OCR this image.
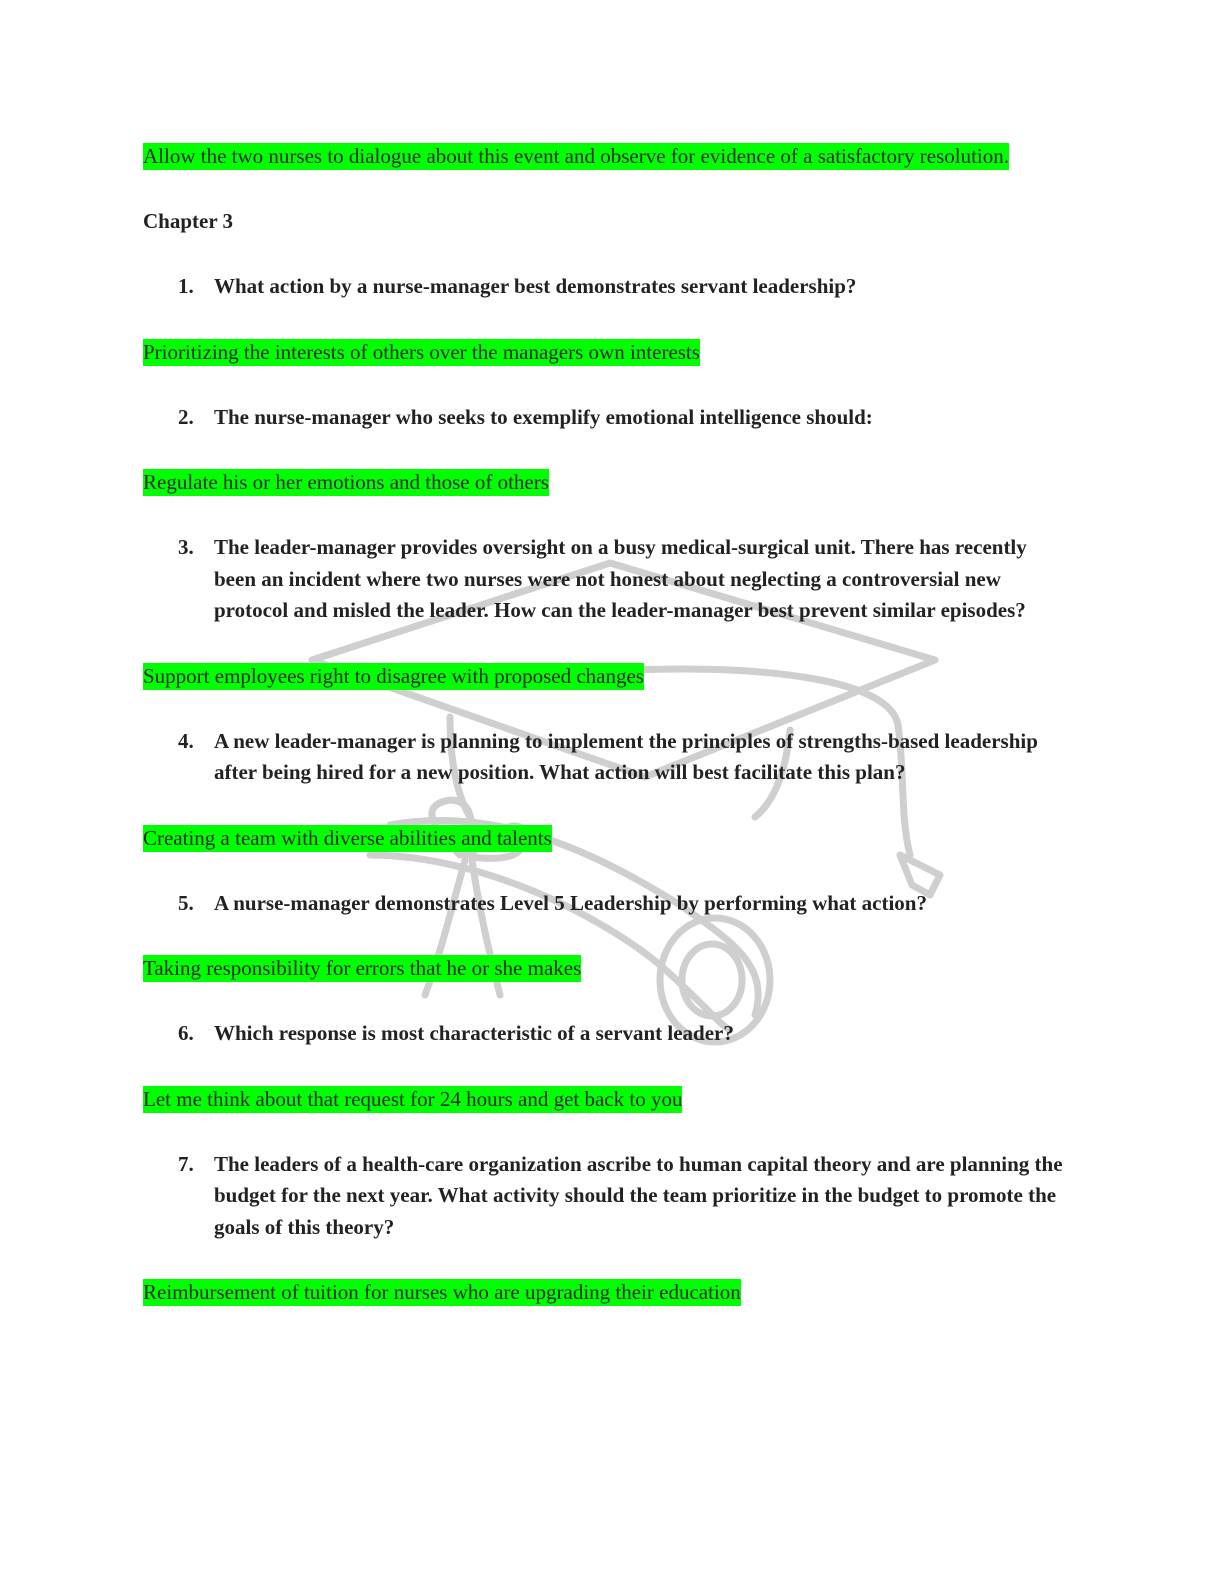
Allow the two nurses to dialogue about this event and observe for evidence of a satisfactory resolution.

Chapter 3

1. What action by a nurse-manager best demonstrates servant leadership?

Prioritizing the interests of others over the managers own interests

2. The nurse-manager who seeks to exemplify emotional intelligence should:

Regulate his or her emotions and those of others

3. The leader-manager provides oversight on a busy medical-surgical unit. There has recently been an incident where two nurses were not honest about neglecting a controversial new protocol and misled the leader. How can the leader-manager best prevent similar episodes?

Support employees right to disagree with proposed changes

4. A new leader-manager is planning to implement the principles of strengths-based leadership after being hired for a new position. What action will best facilitate this plan?

Creating a team with diverse abilities and talents

5. A nurse-manager demonstrates Level 5 Leadership by performing what action?

Taking responsibility for errors that he or she makes

6. Which response is most characteristic of a servant leader?

Let me think about that request for 24 hours and get back to you

7. The leaders of a health-care organization ascribe to human capital theory and are planning the budget for the next year. What activity should the team prioritize in the budget to promote the goals of this theory?

Reimbursement of tuition for nurses who are upgrading their education
